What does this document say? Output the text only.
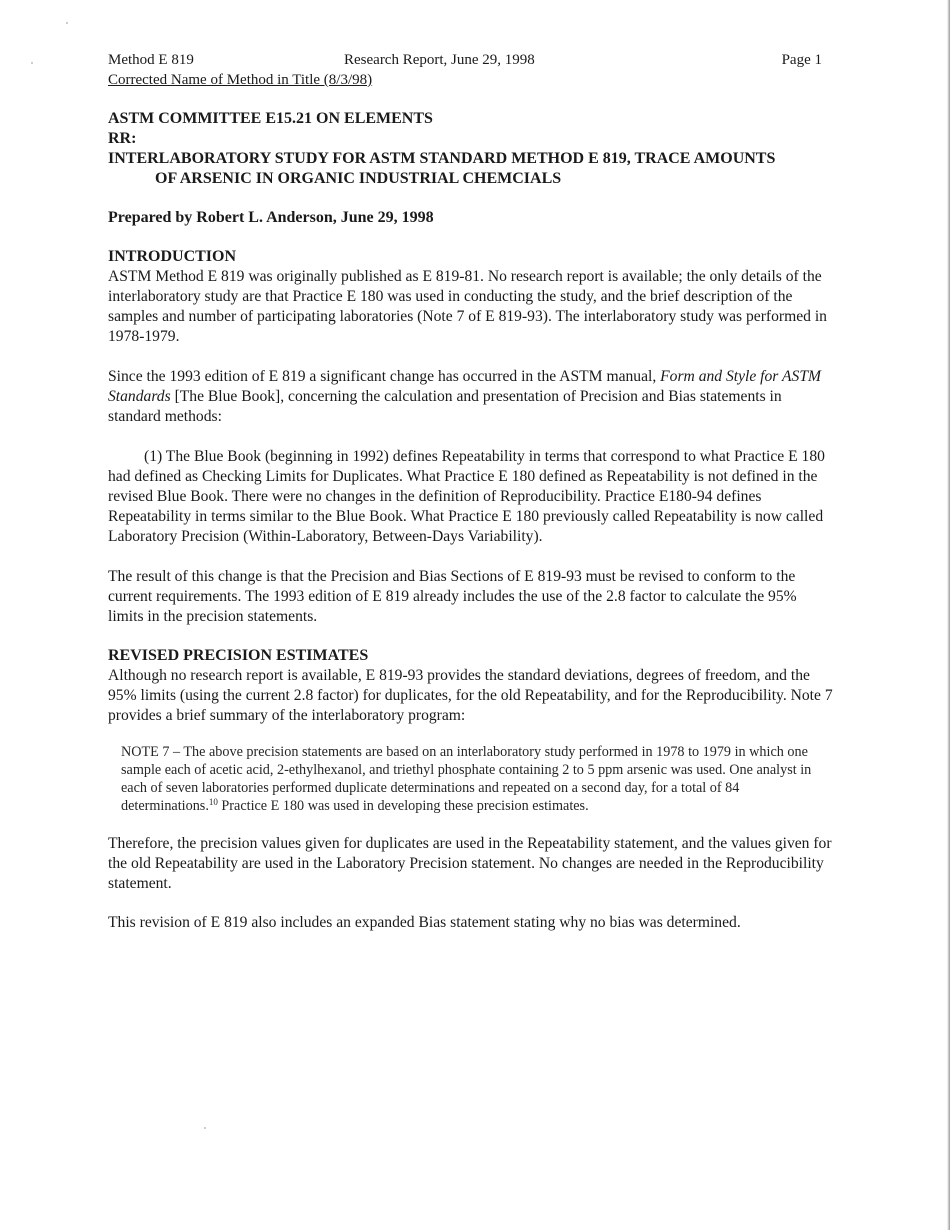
Method E 819	Research Report, June 29, 1998	Page 1
Corrected Name of Method in Title (8/3/98)
ASTM COMMITTEE E15.21 ON ELEMENTS
RR:
INTERLABORATORY STUDY FOR ASTM STANDARD METHOD E 819, TRACE AMOUNTS
OF ARSENIC IN ORGANIC INDUSTRIAL CHEMCIALS
Prepared by Robert L. Anderson, June 29, 1998
INTRODUCTION

ASTM Method E 819 was originally published as E 819-81. No research report is available; the only details of the interlaboratory study are that Practice E 180 was used in conducting the study, and the brief description of the samples and number of participating laboratories (Note 7 of E 819-93). The interlaboratory study was performed in 1978-1979.

Since the 1993 edition of E 819 a significant change has occurred in the ASTM manual, Form and Style for ASTM Standards [The Blue Book], concerning the calculation and presentation of Precision and Bias statements in standard methods:

(1) The Blue Book (beginning in 1992) defines Repeatability in terms that correspond to what Practice E 180 had defined as Checking Limits for Duplicates. What Practice E 180 defined as Repeatability is not defined in the revised Blue Book. There were no changes in the definition of Reproducibility. Practice E180-94 defines Repeatability in terms similar to the Blue Book. What Practice E 180 previously called Repeatability is now called Laboratory Precision (Within-Laboratory, Between-Days Variability).

The result of this change is that the Precision and Bias Sections of E 819-93 must be revised to conform to the current requirements. The 1993 edition of E 819 already includes the use of the 2.8 factor to calculate the 95% limits in the precision statements.

REVISED PRECISION ESTIMATES

Although no research report is available, E 819-93 provides the standard deviations, degrees of freedom, and the 95% limits (using the current 2.8 factor) for duplicates, for the old Repeatability, and for the Reproducibility. Note 7 provides a brief summary of the interlaboratory program:

NOTE 7 – The above precision statements are based on an interlaboratory study performed in 1978 to 1979 in which one sample each of acetic acid, 2-ethylhexanol, and triethyl phosphate containing 2 to 5 ppm arsenic was used. One analyst in each of seven laboratories performed duplicate determinations and repeated on a second day, for a total of 84 determinations.$^{10}$ Practice E 180 was used in developing these precision estimates.

Therefore, the precision values given for duplicates are used in the Repeatability statement, and the values given for the old Repeatability are used in the Laboratory Precision statement. No changes are needed in the Reproducibility statement.

This revision of E 819 also includes an expanded Bias statement stating why no bias was determined.
